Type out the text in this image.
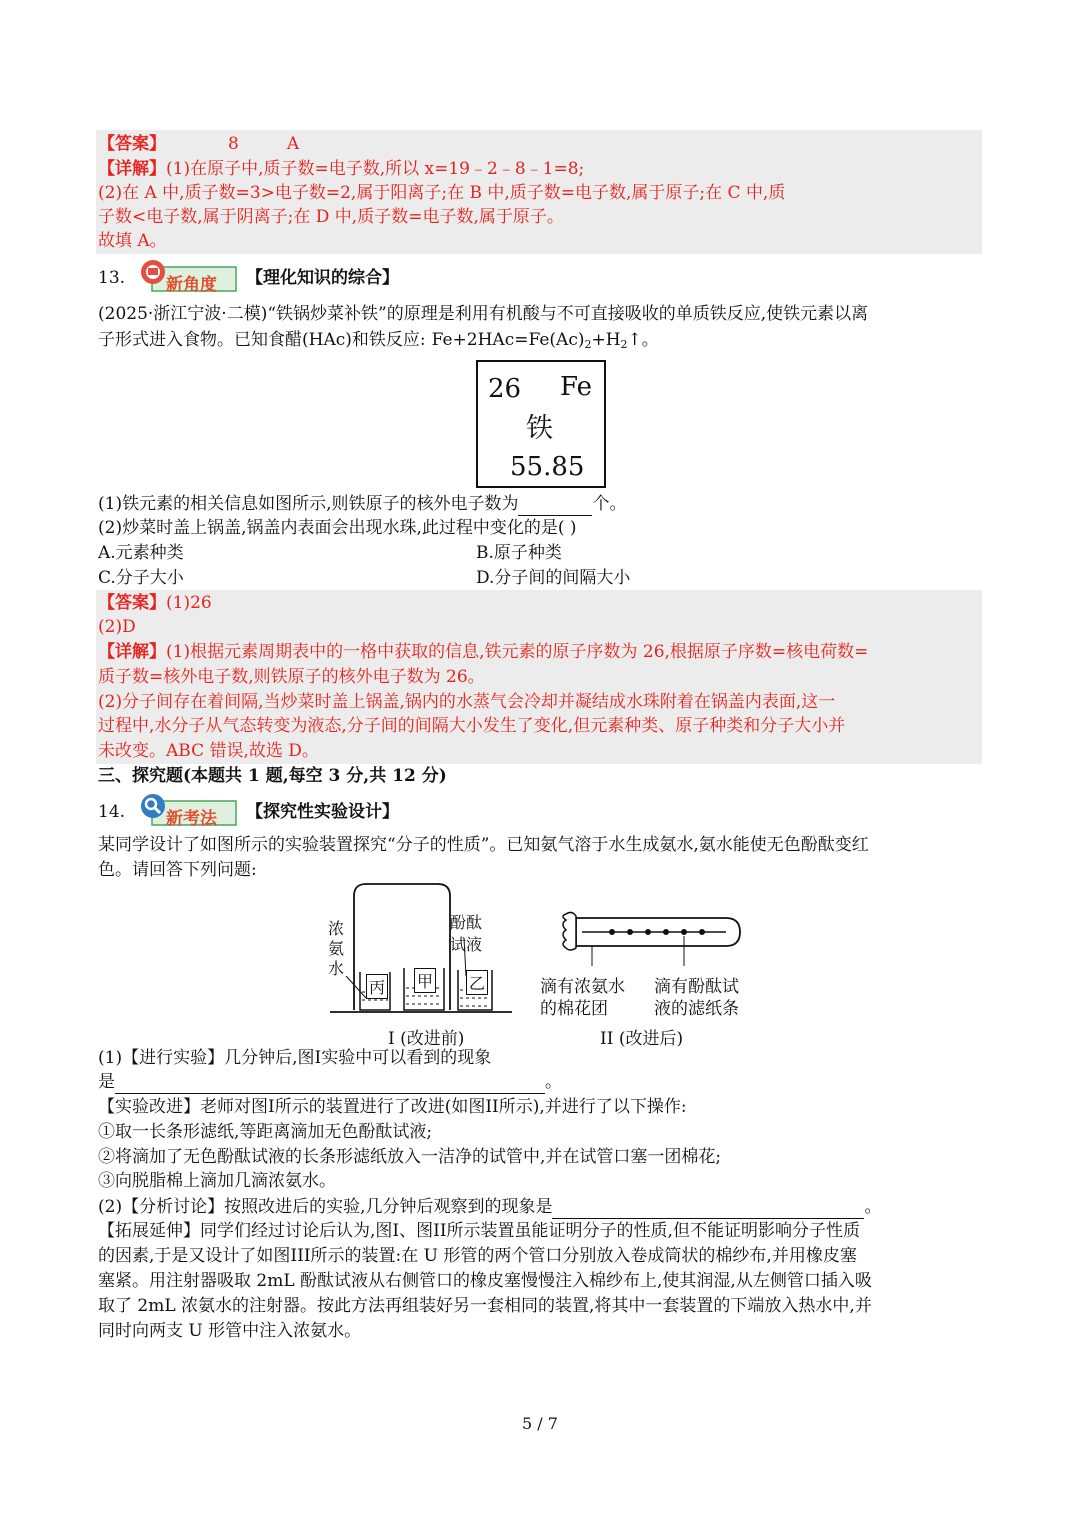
【答案】	8	A
【详解】(1)在原子中,质子数=电子数,所以 x=19﹣2﹣8﹣1=8;
(2)在 A 中,质子数=3>电子数=2,属于阳离子;在 B 中,质子数=电子数,属于原子;在 C 中,质
子数<电子数,属于阴离子;在 D 中,质子数=电子数,属于原子。
故填 A。
13. 新角度 【理化知识的综合】
(2025·浙江宁波·二模)“铁锅炒菜补铁”的原理是利用有机酸与不可直接吸收的单质铁反应,使铁元素以离
子形式进入食物。已知食醋(HAc)和铁反应: $Fe+2HAc=Fe(Ac)_2+H_2↑$。
26 Fe
铁
55.85
(1)铁元素的相关信息如图所示,则铁原子的核外电子数为	个。
(2)炒菜时盖上锅盖,锅盖内表面会出现水珠,此过程中变化的是( )
A.元素种类	B.原子种类
C.分子大小	D.分子间的间隔大小
【答案】(1)26
(2)D
【详解】(1)根据元素周期表中的一格中获取的信息,铁元素的原子序数为 26,根据原子序数=核电荷数=
质子数=核外电子数,则铁原子的核外电子数为 26。
(2)分子间存在着间隔,当炒菜时盖上锅盖,锅内的水蒸气会冷却并凝结成水珠附着在锅盖内表面,这一
过程中,水分子从气态转变为液态,分子间的间隔大小发生了变化,但元素种类、原子种类和分子大小并
未改变。ABC 错误,故选 D。
三、探究题(本题共 1 题,每空 3 分,共 12 分)
14. 新考法 【探究性实验设计】
某同学设计了如图所示的实验装置探究“分子的性质”。已知氨气溶于水生成氨水,氨水能使无色酚酞变红
色。请回答下列问题:
浓
氨
水
酚酞
试液
丙 甲 乙
I (改进前)
滴有浓氨水
的棉花团
滴有酚酞试
液的滤纸条
II (改进后)
(1)【进行实验】几分钟后,图I实验中可以看到的现象
是	。
【实验改进】老师对图I所示的装置进行了改进(如图II所示),并进行了以下操作:
①取一长条形滤纸,等距离滴加无色酚酞试液;
②将滴加了无色酚酞试液的长条形滤纸放入一洁净的试管中,并在试管口塞一团棉花;
③向脱脂棉上滴加几滴浓氨水。
(2)【分析讨论】按照改进后的实验,几分钟后观察到的现象是	。
【拓展延伸】同学们经过讨论后认为,图I、图II所示装置虽能证明分子的性质,但不能证明影响分子性质
的因素,于是又设计了如图III所示的装置:在 U 形管的两个管口分别放入卷成筒状的棉纱布,并用橡皮塞
塞紧。用注射器吸取 2mL 酚酞试液从右侧管口的橡皮塞慢慢注入棉纱布上,使其润湿,从左侧管口插入吸
取了 2mL 浓氨水的注射器。按此方法再组装好另一套相同的装置,将其中一套装置的下端放入热水中,并
同时向两支 U 形管中注入浓氨水。
5 / 7
